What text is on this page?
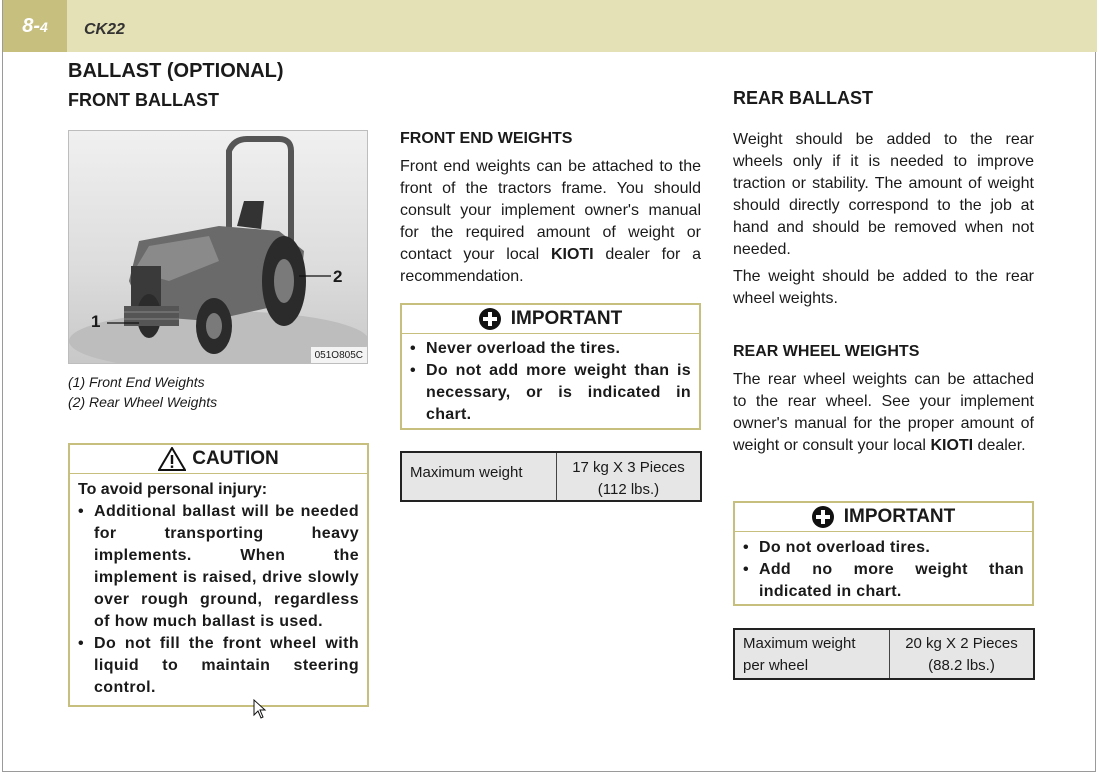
8-4	CK22
BALLAST (OPTIONAL)
FRONT BALLAST
1
2
051O805C
(1) Front End Weights
(2) Rear Wheel Weights
CAUTION
To avoid personal injury:
• Additional ballast will be needed for transporting heavy implements. When the implement is raised, drive slowly over rough ground, regardless of how much ballast is used.
• Do not fill the front wheel with liquid to maintain steering control.
FRONT END WEIGHTS
Front end weights can be attached to the front of the tractors frame. You should consult your implement owner's manual for the required amount of weight or contact your local KIOTI dealer for a recommendation.
IMPORTANT
• Never overload the tires.
• Do not add more weight than is necessary, or is indicated in chart.
Maximum weight	17 kg X 3 Pieces
(112 lbs.)
REAR BALLAST
Weight should be added to the rear wheels only if it is needed to improve traction or stability. The amount of weight should directly correspond to the job at hand and should be removed when not needed.
The weight should be added to the rear wheel weights.
REAR WHEEL WEIGHTS
The rear wheel weights can be attached to the rear wheel. See your implement owner's manual for the proper amount of weight or consult your local KIOTI dealer.
IMPORTANT
• Do not overload tires.
• Add no more weight than indicated in chart.
Maximum weight
per wheel
20 kg X 2 Pieces
(88.2 lbs.)
